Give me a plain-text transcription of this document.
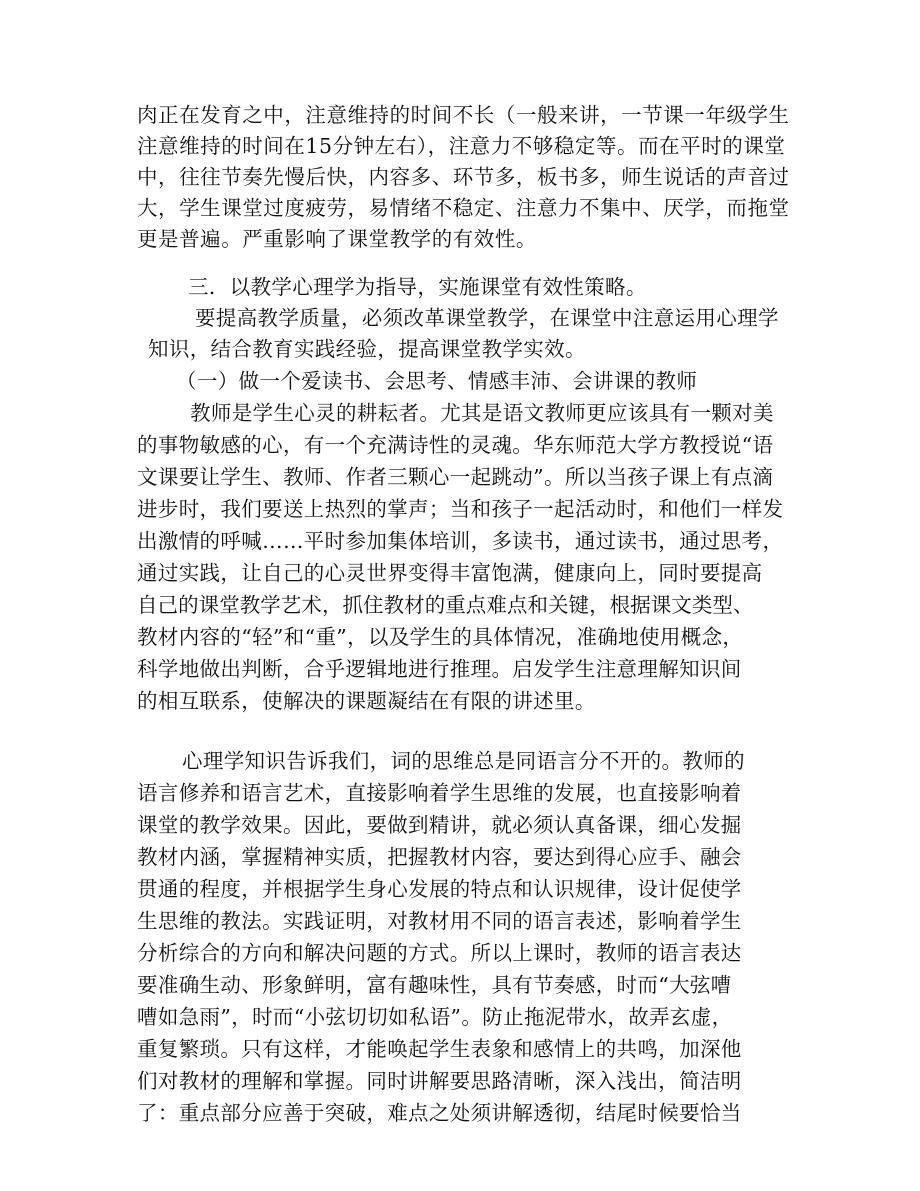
肉正在发育之中，注意维持的时间不长（一般来讲，一节课一年级学生
注意维持的时间在15分钟左右），注意力不够稳定等。而在平时的课堂
中，往往节奏先慢后快，内容多、环节多，板书多，师生说话的声音过
大，学生课堂过度疲劳，易情绪不稳定、注意力不集中、厌学，而拖堂
更是普遍。严重影响了课堂教学的有效性。
三．以教学心理学为指导，实施课堂有效性策略。
要提高教学质量，必须改革课堂教学，在课堂中注意运用心理学
知识，结合教育实践经验，提高课堂教学实效。
（一）做一个爱读书、会思考、情感丰沛、会讲课的教师
教师是学生心灵的耕耘者。尤其是语文教师更应该具有一颗对美
的事物敏感的心，有一个充满诗性的灵魂。华东师范大学方教授说“语
文课要让学生、教师、作者三颗心一起跳动”。所以当孩子课上有点滴
进步时，我们要送上热烈的掌声；当和孩子一起活动时，和他们一样发
出激情的呼喊……平时参加集体培训，多读书，通过读书，通过思考，
通过实践，让自己的心灵世界变得丰富饱满，健康向上，同时要提高
自己的课堂教学艺术，抓住教材的重点难点和关键，根据课文类型、
教材内容的“轻”和“重”，以及学生的具体情况，准确地使用概念，
科学地做出判断，合乎逻辑地进行推理。启发学生注意理解知识间
的相互联系，使解决的课题凝结在有限的讲述里。
心理学知识告诉我们，词的思维总是同语言分不开的。教师的
语言修养和语言艺术，直接影响着学生思维的发展，也直接影响着
课堂的教学效果。因此，要做到精讲，就必须认真备课，细心发掘
教材内涵，掌握精神实质，把握教材内容，要达到得心应手、融会
贯通的程度，并根据学生身心发展的特点和认识规律，设计促使学
生思维的教法。实践证明，对教材用不同的语言表述，影响着学生
分析综合的方向和解决问题的方式。所以上课时，教师的语言表达
要准确生动、形象鲜明，富有趣味性，具有节奏感，时而“大弦嘈
嘈如急雨”，时而“小弦切切如私语”。防止拖泥带水，故弄玄虚，
重复繁琐。只有这样，才能唤起学生表象和感情上的共鸣，加深他
们对教材的理解和掌握。同时讲解要思路清晰，深入浅出，简洁明
了：重点部分应善于突破，难点之处须讲解透彻，结尾时候要恰当
